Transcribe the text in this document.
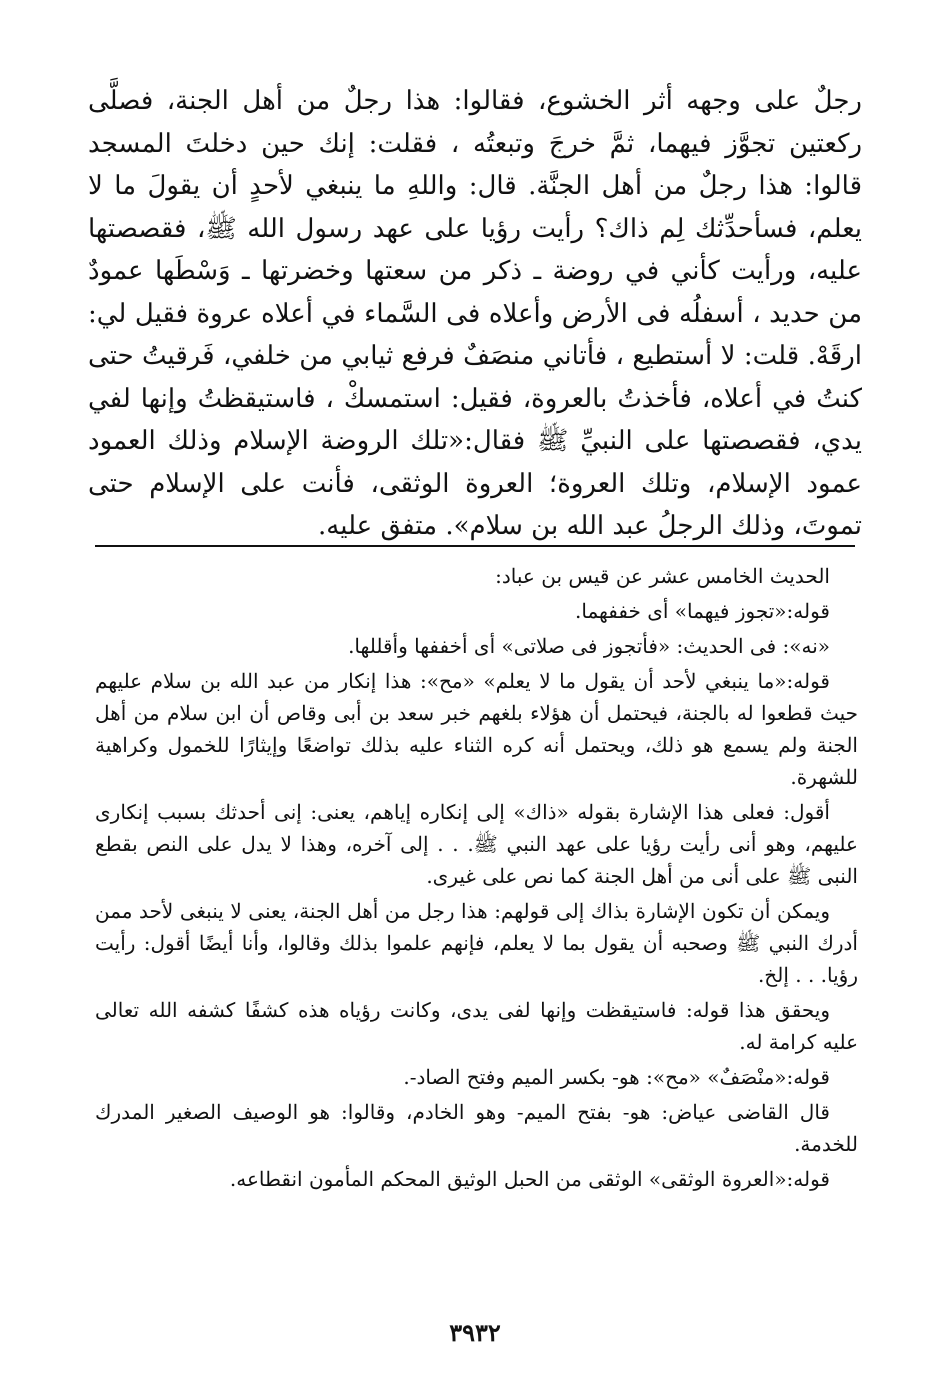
رجلٌ على وجهه أثر الخشوع، فقالوا: هذا رجلٌ من أهل الجنة، فصلَّى ركعتين تجوَّز فيهما، ثمَّ خرجَ وتبعتُه ، فقلت: إنك حين دخلتَ المسجد قالوا: هذا رجلٌ من أهل الجنَّة. قال: واللهِ ما ينبغي لأحدٍ أن يقولَ ما لا يعلم، فسأحدِّثك لِم ذاك؟ رأيت رؤيا على عهد رسول الله ﷺ، فقصصتها عليه، ورأيت كأني في روضة ـ ذكر من سعتها وخضرتها ـ وَسْطَها عمودٌ من حديد ، أسفلُه فى الأرض وأعلاه فى السَّماء في أعلاه عروة فقيل لي: ارقَهْ. قلت: لا أستطيع ، فأتاني منصَفٌ فرفع ثيابي من خلفي، فَرقيتُ حتى كنتُ في أعلاه، فأخذتُ بالعروة، فقيل: استمسكْ ، فاستيقظتُ وإنها لفي يدي، فقصصتها على النبيِّ ﷺ فقال:«تلك الروضة الإسلام وذلك العمود عمود الإسلام، وتلك العروة؛ العروة الوثقى، فأنت على الإسلام حتى تموتَ، وذلك الرجلُ عبد الله بن سلام». متفق عليه.

الحديث الخامس عشر عن قيس بن عباد:

قوله:«تجوز فيهما» أى خففهما.

«نه»: فى الحديث: «فأتجوز فى صلاتى» أى أخففها وأقللها.

قوله:«ما ينبغي لأحد أن يقول ما لا يعلم» «مح»: هذا إنكار من عبد الله بن سلام عليهم حيث قطعوا له بالجنة، فيحتمل أن هؤلاء بلغهم خبر سعد بن أبى وقاص أن ابن سلام من أهل الجنة ولم يسمع هو ذلك، ويحتمل أنه كره الثناء عليه بذلك تواضعًا وإيثارًا للخمول وكراهية للشهرة.

أقول: فعلى هذا الإشارة بقوله «ذاك» إلى إنكاره إياهم، يعنى: إنى أحدثك بسبب إنكارى عليهم، وهو أنى رأيت رؤيا على عهد النبي ﷺ. . . إلى آخره، وهذا لا يدل على النص بقطع النبى ﷺ على أنى من أهل الجنة كما نص على غيرى.

ويمكن أن تكون الإشارة بذاك إلى قولهم: هذا رجل من أهل الجنة، يعنى لا ينبغى لأحد ممن أدرك النبي ﷺ وصحبه أن يقول بما لا يعلم، فإنهم علموا بذلك وقالوا، وأنا أيضًا أقول: رأيت رؤيا. . . إلخ.

ويحقق هذا قوله: فاستيقظت وإنها لفى يدى، وكانت رؤياه هذه كشفًا كشفه الله تعالى عليه كرامة له.

قوله:«منْصَفٌ» «مح»: هو- بكسر الميم وفتح الصاد-.

قال القاضى عياض: هو- بفتح الميم- وهو الخادم، وقالوا: هو الوصيف الصغير المدرك للخدمة.

قوله:«العروة الوثقى» الوثقى من الحبل الوثيق المحكم المأمون انقطاعه.

٣٩٣٢
